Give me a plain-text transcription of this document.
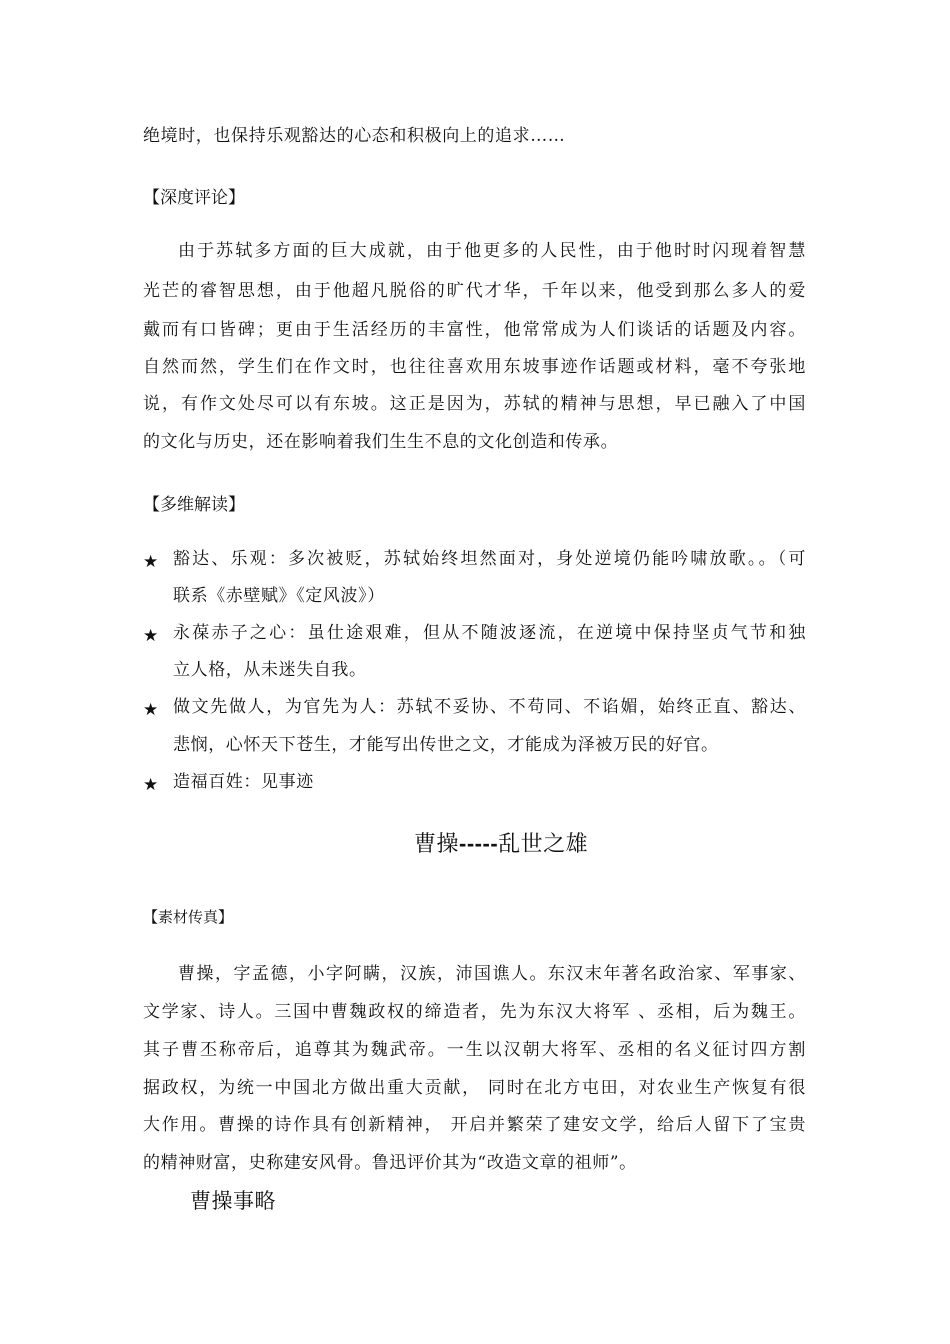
绝境时，也保持乐观豁达的心态和积极向上的追求……
【深度评论】
由于苏轼多方面的巨大成就，由于他更多的人民性，由于他时时闪现着智慧
光芒的睿智思想，由于他超凡脱俗的旷代才华，千年以来，他受到那么多人的爱
戴而有口皆碑；更由于生活经历的丰富性，他常常成为人们谈话的话题及内容。
自然而然，学生们在作文时，也往往喜欢用东坡事迹作话题或材料，毫不夸张地
说，有作文处尽可以有东坡。这正是因为，苏轼的精神与思想，早已融入了中国
的文化与历史，还在影响着我们生生不息的文化创造和传承。
【多维解读】
★ 豁达、乐观：多次被贬，苏轼始终坦然面对，身处逆境仍能吟啸放歌。。（可
联系《赤壁赋》《定风波》）
★ 永葆赤子之心：虽仕途艰难，但从不随波逐流，在逆境中保持坚贞气节和独
立人格，从未迷失自我。
★ 做文先做人，为官先为人：苏轼不妥协、不苟同、不谄媚，始终正直、豁达、
悲悯，心怀天下苍生，才能写出传世之文，才能成为泽被万民的好官。
★ 造福百姓：见事迹
曹操-----乱世之雄
【素材传真】
曹操，字孟德，小字阿瞒，汉族，沛国谯人。东汉末年著名政治家、军事家、
文学家、诗人。三国中曹魏政权的缔造者，先为东汉大将军 、丞相，后为魏王。
其子曹丕称帝后，追尊其为魏武帝。一生以汉朝大将军、丞相的名义征讨四方割
据政权，为统一中国北方做出重大贡献， 同时在北方屯田，对农业生产恢复有很
大作用。曹操的诗作具有创新精神， 开启并繁荣了建安文学，给后人留下了宝贵
的精神财富，史称建安风骨。鲁迅评价其为“改造文章的祖师”。
曹操事略
